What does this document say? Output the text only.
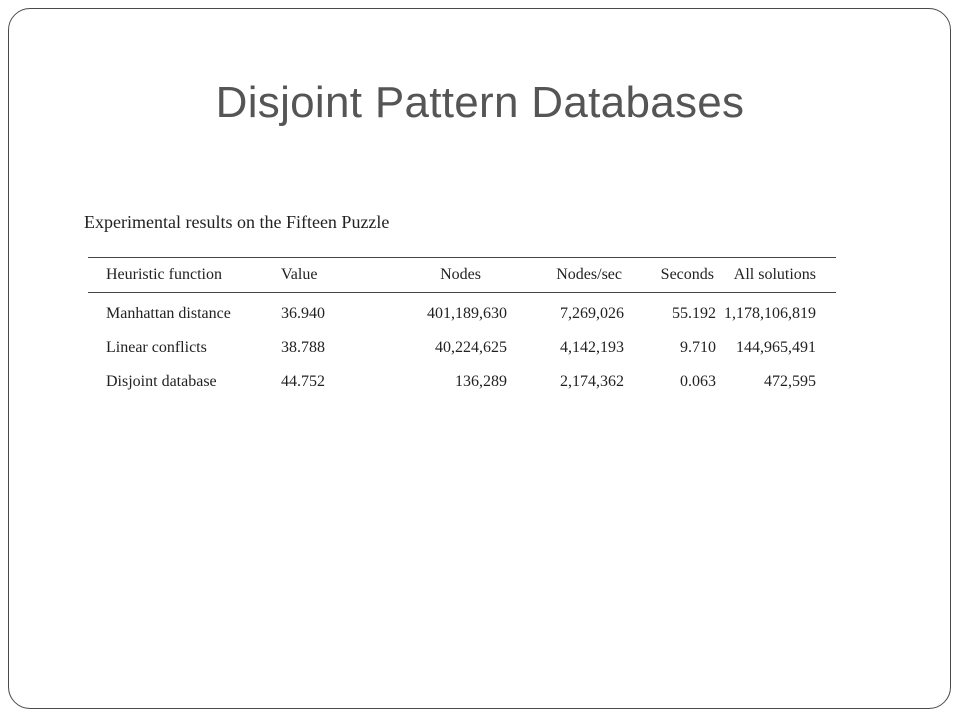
Disjoint Pattern Databases

Experimental results on the Fifteen Puzzle

Heuristic function	Value	Nodes	Nodes/sec	Seconds	All solutions
Manhattan distance	36.940	401,189,630	7,269,026	55.192	1,178,106,819
Linear conflicts	38.788	40,224,625	4,142,193	9.710	144,965,491
Disjoint database	44.752	136,289	2,174,362	0.063	472,595
